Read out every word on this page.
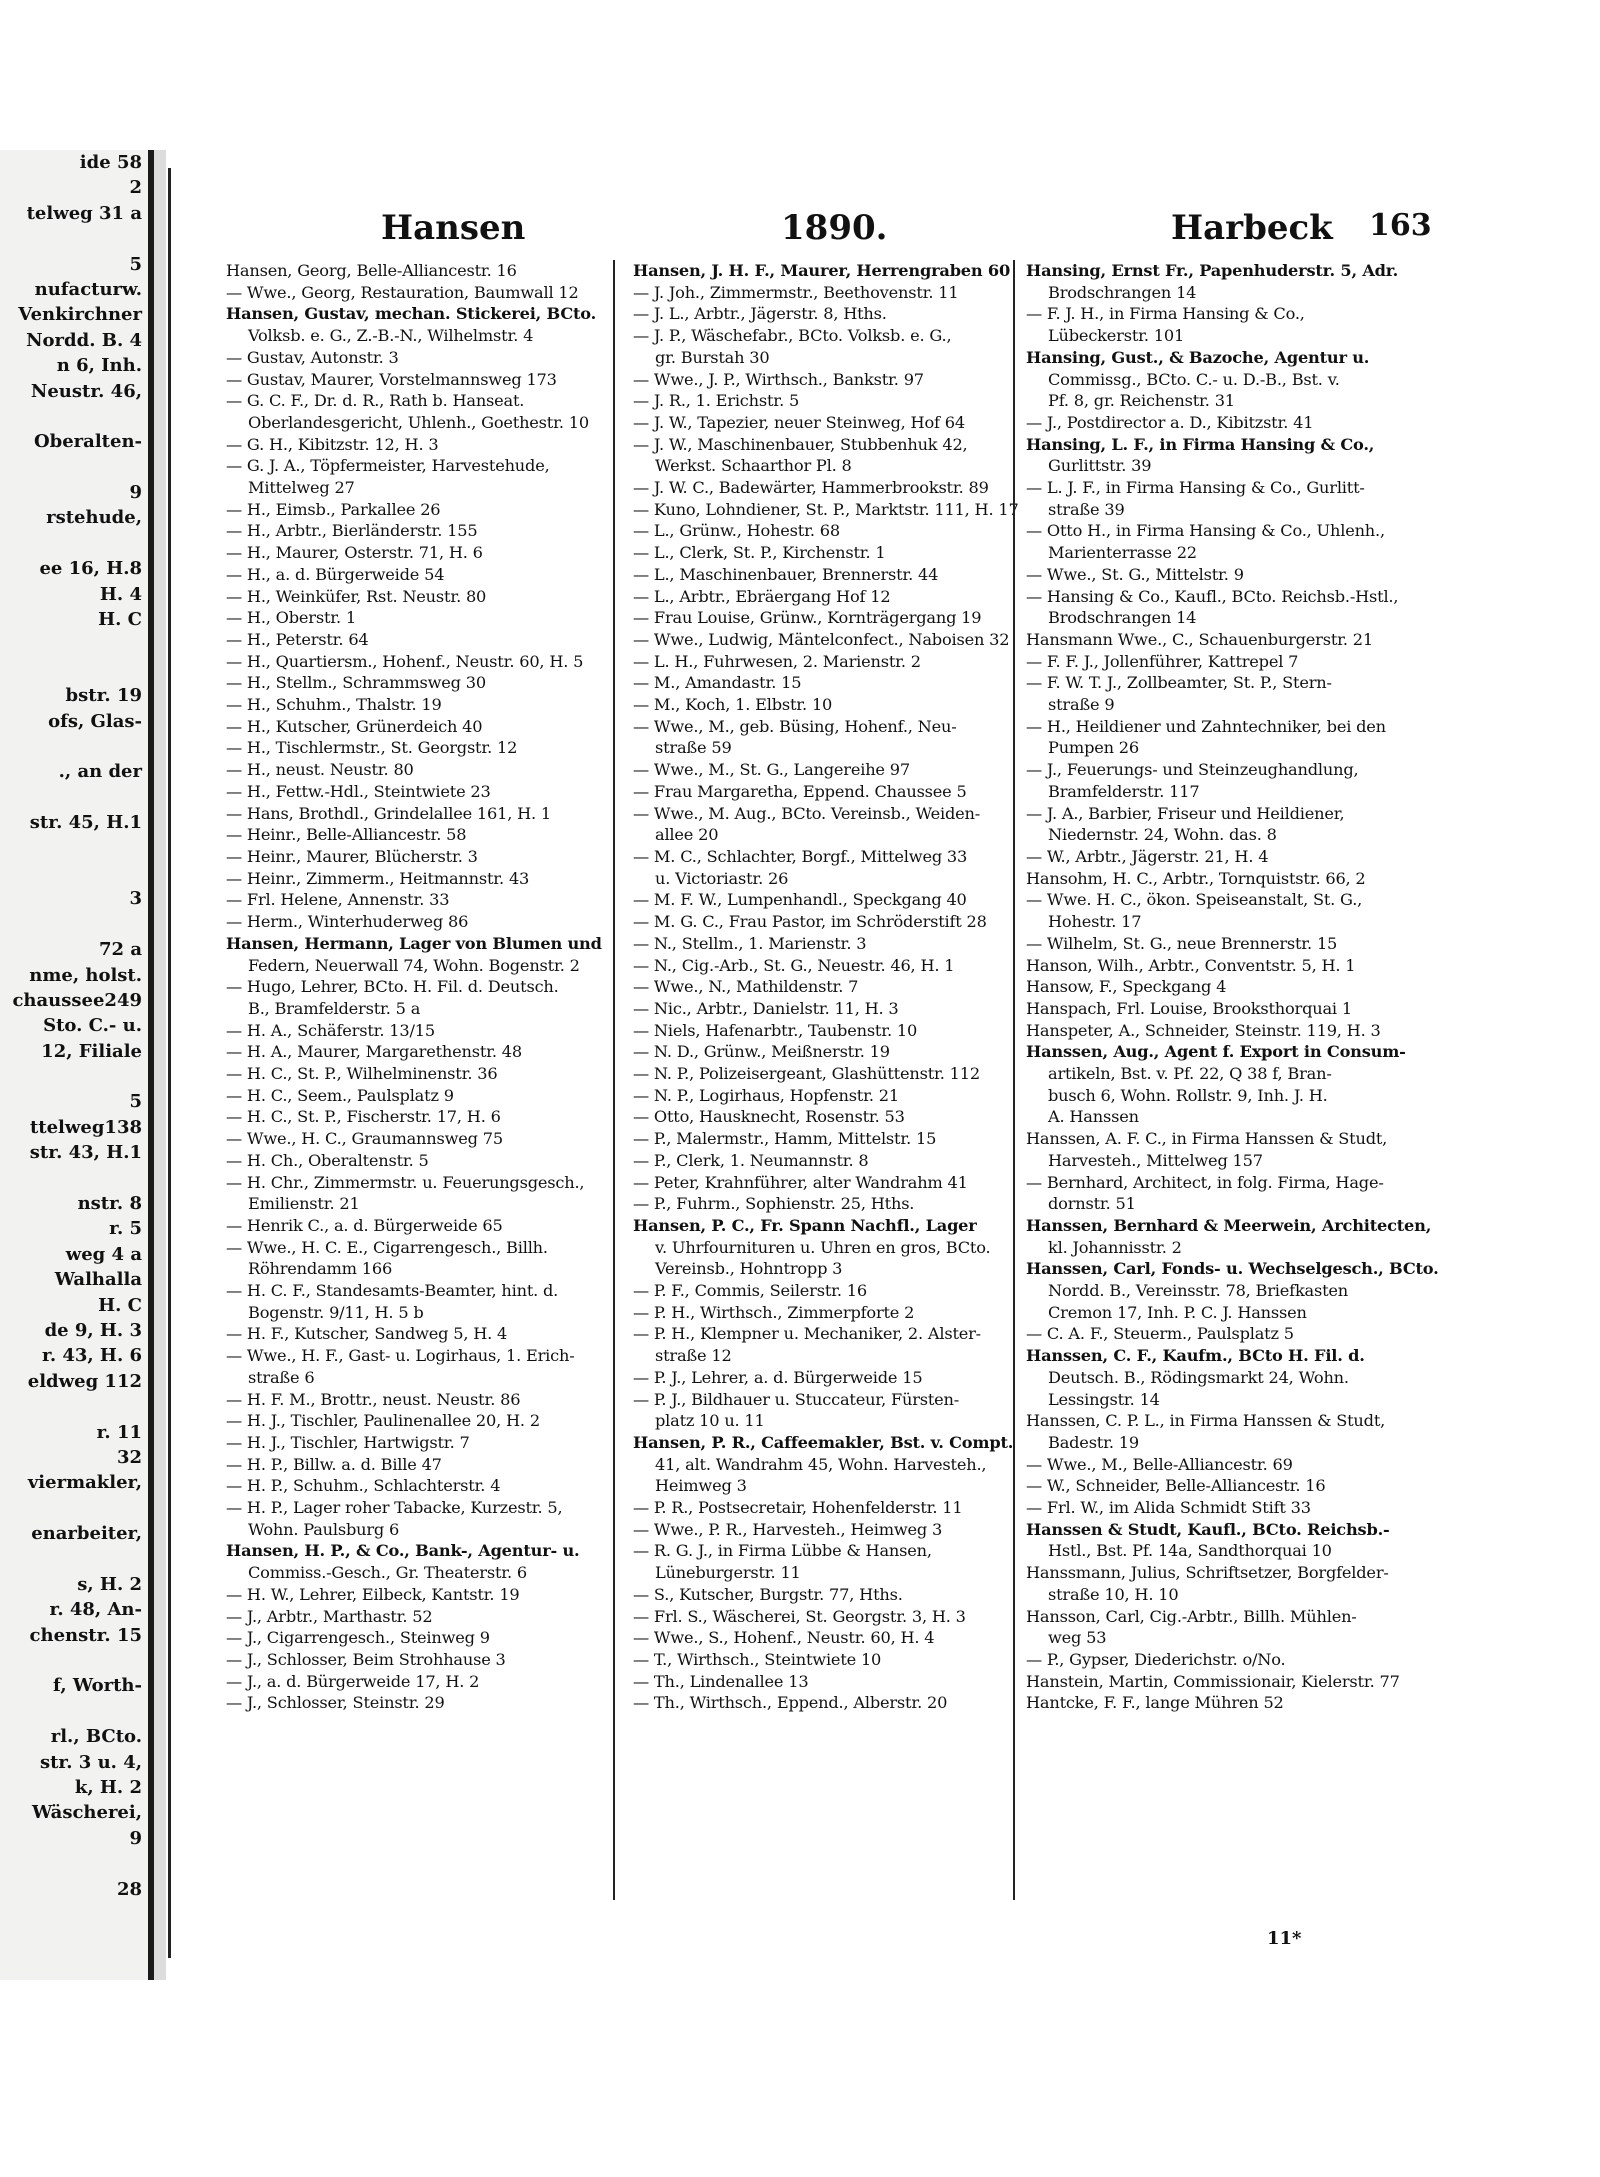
ide 58
2
telweg 31 a
5
nufacturw.
Venkirchner
Nordd. B. 4
n 6, Inh.
Neustr. 46,
Oberalten-
9
rstehude,
ee 16, H.8
H. 4
H. C
bstr. 19
ofs, Glas-
., an der
str. 45, H.1
3
72 a
nme, holst.
chaussee249
Sto. C.- u.
12, Filiale
5
ttelweg138
str. 43, H.1
nstr. 8
r. 5
weg 4 a
Walhalla
H. C
de 9, H. 3
r. 43, H. 6
eldweg 112
r. 11
32
viermakler,
enarbeiter,
s, H. 2
r. 48, An-
chenstr. 15
f, Worth-
rl., BCto.
str. 3 u. 4,
k, H. 2
Wäscherei,
9
28
Hansen	1890.	Harbeck 163
Hansen, Georg, Belle-Alliancestr. 16
— Wwe., Georg, Restauration, Baumwall 12
Hansen, Gustav, mechan. Stickerei, BCto.
Volksb. e. G., Z.-B.-N., Wilhelmstr. 4
— Gustav, Autonstr. 3
— Gustav, Maurer, Vorstelmannsweg 173
— G. C. F., Dr. d. R., Rath b. Hanseat.
Oberlandesgericht, Uhlenh., Goethestr. 10
— G. H., Kibitzstr. 12, H. 3
— G. J. A., Töpfermeister, Harvestehude,
Mittelweg 27
— H., Eimsb., Parkallee 26
— H., Arbtr., Bierländerstr. 155
— H., Maurer, Osterstr. 71, H. 6
— H., a. d. Bürgerweide 54
— H., Weinküfer, Rst. Neustr. 80
— H., Oberstr. 1
— H., Peterstr. 64
— H., Quartiersm., Hohenf., Neustr. 60, H. 5
— H., Stellm., Schrammsweg 30
— H., Schuhm., Thalstr. 19
— H., Kutscher, Grünerdeich 40
— H., Tischlermstr., St. Georgstr. 12
— H., neust. Neustr. 80
— H., Fettw.-Hdl., Steintwiete 23
— Hans, Brothdl., Grindelallee 161, H. 1
— Heinr., Belle-Alliancestr. 58
— Heinr., Maurer, Blücherstr. 3
— Heinr., Zimmerm., Heitmannstr. 43
— Frl. Helene, Annenstr. 33
— Herm., Winterhuderweg 86
Hansen, Hermann, Lager von Blumen und
Federn, Neuerwall 74, Wohn. Bogenstr. 2
— Hugo, Lehrer, BCto. H. Fil. d. Deutsch.
B., Bramfelderstr. 5 a
— H. A., Schäferstr. 13/15
— H. A., Maurer, Margarethenstr. 48
— H. C., St. P., Wilhelminenstr. 36
— H. C., Seem., Paulsplatz 9
— H. C., St. P., Fischerstr. 17, H. 6
— Wwe., H. C., Graumannsweg 75
— H. Ch., Oberaltenstr. 5
— H. Chr., Zimmermstr. u. Feuerungsgesch.,
Emilienstr. 21
— Henrik C., a. d. Bürgerweide 65
— Wwe., H. C. E., Cigarrengesch., Billh.
Röhrendamm 166
— H. C. F., Standesamts-Beamter, hint. d.
Bogenstr. 9/11, H. 5 b
— H. F., Kutscher, Sandweg 5, H. 4
— Wwe., H. F., Gast- u. Logirhaus, 1. Erich-
straße 6
— H. F. M., Brottr., neust. Neustr. 86
— H. J., Tischler, Paulinenallee 20, H. 2
— H. J., Tischler, Hartwigstr. 7
— H. P., Billw. a. d. Bille 47
— H. P., Schuhm., Schlachterstr. 4
— H. P., Lager roher Tabacke, Kurzestr. 5,
Wohn. Paulsburg 6
Hansen, H. P., & Co., Bank-, Agentur- u.
Commiss.-Gesch., Gr. Theaterstr. 6
— H. W., Lehrer, Eilbeck, Kantstr. 19
— J., Arbtr., Marthastr. 52
— J., Cigarrengesch., Steinweg 9
— J., Schlosser, Beim Strohhause 3
— J., a. d. Bürgerweide 17, H. 2
— J., Schlosser, Steinstr. 29
Hansen, J. H. F., Maurer, Herrengraben 60
— J. Joh., Zimmermstr., Beethovenstr. 11
— J. L., Arbtr., Jägerstr. 8, Hths.
— J. P., Wäschefabr., BCto. Volksb. e. G.,
gr. Burstah 30
— Wwe., J. P., Wirthsch., Bankstr. 97
— J. R., 1. Erichstr. 5
— J. W., Tapezier, neuer Steinweg, Hof 64
— J. W., Maschinenbauer, Stubbenhuk 42,
Werkst. Schaarthor Pl. 8
— J. W. C., Badewärter, Hammerbrookstr. 89
— Kuno, Lohndiener, St. P., Marktstr. 111, H. 17
— L., Grünw., Hohestr. 68
— L., Clerk, St. P., Kirchenstr. 1
— L., Maschinenbauer, Brennerstr. 44
— L., Arbtr., Ebräergang Hof 12
— Frau Louise, Grünw., Kornträgergang 19
— Wwe., Ludwig, Mäntelconfect., Naboisen 32
— L. H., Fuhrwesen, 2. Marienstr. 2
— M., Amandastr. 15
— M., Koch, 1. Elbstr. 10
— Wwe., M., geb. Büsing, Hohenf., Neu-
straße 59
— Wwe., M., St. G., Langereihe 97
— Frau Margaretha, Eppend. Chaussee 5
— Wwe., M. Aug., BCto. Vereinsb., Weiden-
allee 20
— M. C., Schlachter, Borgf., Mittelweg 33
u. Victoriastr. 26
— M. F. W., Lumpenhandl., Speckgang 40
— M. G. C., Frau Pastor, im Schröderstift 28
— N., Stellm., 1. Marienstr. 3
— N., Cig.-Arb., St. G., Neuestr. 46, H. 1
— Wwe., N., Mathildenstr. 7
— Nic., Arbtr., Danielstr. 11, H. 3
— Niels, Hafenarbtr., Taubenstr. 10
— N. D., Grünw., Meißnerstr. 19
— N. P., Polizeisergeant, Glashüttenstr. 112
— N. P., Logirhaus, Hopfenstr. 21
— Otto, Hausknecht, Rosenstr. 53
— P., Malermstr., Hamm, Mittelstr. 15
— P., Clerk, 1. Neumannstr. 8
— Peter, Krahnführer, alter Wandrahm 41
— P., Fuhrm., Sophienstr. 25, Hths.
Hansen, P. C., Fr. Spann Nachfl., Lager
v. Uhrfournituren u. Uhren en gros, BCto.
Vereinsb., Hohntropp 3
— P. F., Commis, Seilerstr. 16
— P. H., Wirthsch., Zimmerpforte 2
— P. H., Klempner u. Mechaniker, 2. Alster-
straße 12
— P. J., Lehrer, a. d. Bürgerweide 15
— P. J., Bildhauer u. Stuccateur, Fürsten-
platz 10 u. 11
Hansen, P. R., Caffeemakler, Bst. v. Compt.
41, alt. Wandrahm 45, Wohn. Harvesteh.,
Heimweg 3
— P. R., Postsecretair, Hohenfelderstr. 11
— Wwe., P. R., Harvesteh., Heimweg 3
— R. G. J., in Firma Lübbe & Hansen,
Lüneburgerstr. 11
— S., Kutscher, Burgstr. 77, Hths.
— Frl. S., Wäscherei, St. Georgstr. 3, H. 3
— Wwe., S., Hohenf., Neustr. 60, H. 4
— T., Wirthsch., Steintwiete 10
— Th., Lindenallee 13
— Th., Wirthsch., Eppend., Alberstr. 20
Hansing, Ernst Fr., Papenhuderstr. 5, Adr.
Brodschrangen 14
— F. J. H., in Firma Hansing & Co.,
Lübeckerstr. 101
Hansing, Gust., & Bazoche, Agentur u.
Commissg., BCto. C.- u. D.-B., Bst. v.
Pf. 8, gr. Reichenstr. 31
— J., Postdirector a. D., Kibitzstr. 41
Hansing, L. F., in Firma Hansing & Co.,
Gurlittstr. 39
— L. J. F., in Firma Hansing & Co., Gurlitt-
straße 39
— Otto H., in Firma Hansing & Co., Uhlenh.,
Marienterrasse 22
— Wwe., St. G., Mittelstr. 9
— Hansing & Co., Kaufl., BCto. Reichsb.-Hstl.,
Brodschrangen 14
Hansmann Wwe., C., Schauenburgerstr. 21
— F. F. J., Jollenführer, Kattrepel 7
— F. W. T. J., Zollbeamter, St. P., Stern-
straße 9
— H., Heildiener und Zahntechniker, bei den
Pumpen 26
— J., Feuerungs- und Steinzeughandlung,
Bramfelderstr. 117
— J. A., Barbier, Friseur und Heildiener,
Niedernstr. 24, Wohn. das. 8
— W., Arbtr., Jägerstr. 21, H. 4
Hansohm, H. C., Arbtr., Tornquiststr. 66, 2
— Wwe. H. C., ökon. Speiseanstalt, St. G.,
Hohestr. 17
— Wilhelm, St. G., neue Brennerstr. 15
Hanson, Wilh., Arbtr., Conventstr. 5, H. 1
Hansow, F., Speckgang 4
Hanspach, Frl. Louise, Brooksthorquai 1
Hanspeter, A., Schneider, Steinstr. 119, H. 3
Hanssen, Aug., Agent f. Export in Consum-
artikeln, Bst. v. Pf. 22, Q 38 f, Bran-
busch 6, Wohn. Rollstr. 9, Inh. J. H.
A. Hanssen
Hanssen, A. F. C., in Firma Hanssen & Studt,
Harvesteh., Mittelweg 157
— Bernhard, Architect, in folg. Firma, Hage-
dornstr. 51
Hanssen, Bernhard & Meerwein, Architecten,
kl. Johannisstr. 2
Hanssen, Carl, Fonds- u. Wechselgesch., BCto.
Nordd. B., Vereinsstr. 78, Briefkasten
Cremon 17, Inh. P. C. J. Hanssen
— C. A. F., Steuerm., Paulsplatz 5
Hanssen, C. F., Kaufm., BCto H. Fil. d.
Deutsch. B., Rödingsmarkt 24, Wohn.
Lessingstr. 14
Hanssen, C. P. L., in Firma Hanssen & Studt,
Badestr. 19
— Wwe., M., Belle-Alliancestr. 69
— W., Schneider, Belle-Alliancestr. 16
— Frl. W., im Alida Schmidt Stift 33
Hanssen & Studt, Kaufl., BCto. Reichsb.-
Hstl., Bst. Pf. 14a, Sandthorquai 10
Hanssmann, Julius, Schriftsetzer, Borgfelder-
straße 10, H. 10
Hansson, Carl, Cig.-Arbtr., Billh. Mühlen-
weg 53
— P., Gypser, Diederichstr. o/No.
Hanstein, Martin, Commissionair, Kielerstr. 77
Hantcke, F. F., lange Mühren 52
11*
